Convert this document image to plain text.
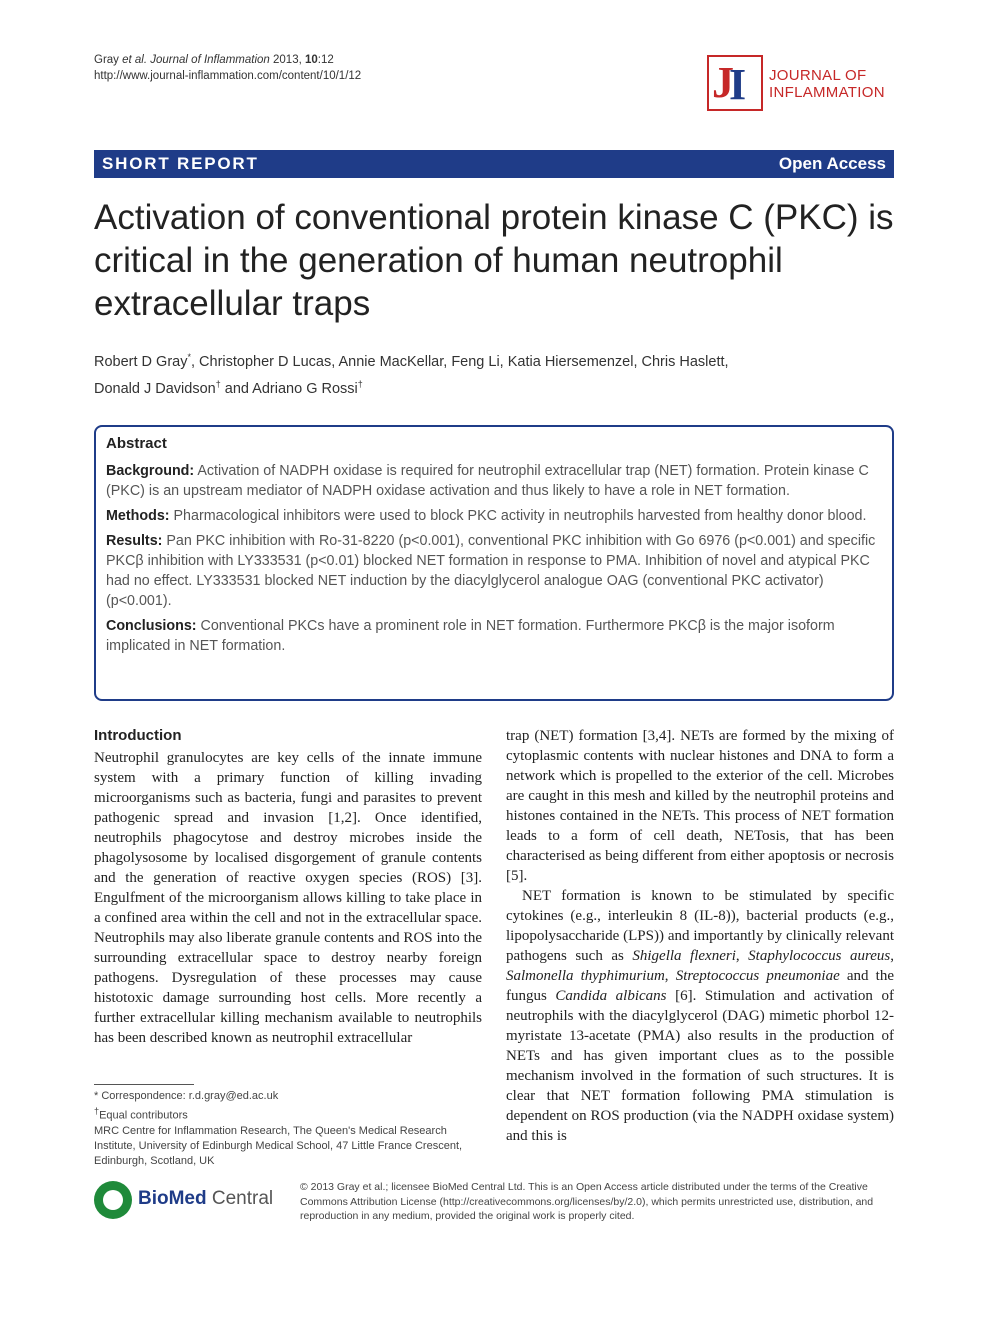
Gray et al. Journal of Inflammation 2013, 10:12
http://www.journal-inflammation.com/content/10/1/12	J
I JOURNAL OF
INFLAMMATION
SHORT REPORT	Open Access
Activation of conventional protein kinase C (PKC) is critical in the generation of human neutrophil extracellular traps
Robert D Gray*, Christopher D Lucas, Annie MacKellar, Feng Li, Katia Hiersemenzel, Chris Haslett,
Donald J Davidson† and Adriano G Rossi†
Abstract

Background: Activation of NADPH oxidase is required for neutrophil extracellular trap (NET) formation. Protein kinase C (PKC) is an upstream mediator of NADPH oxidase activation and thus likely to have a role in NET formation.

Methods: Pharmacological inhibitors were used to block PKC activity in neutrophils harvested from healthy donor blood.

Results: Pan PKC inhibition with Ro-31-8220 (p<0.001), conventional PKC inhibition with Go 6976 (p<0.001) and specific PKCβ inhibition with LY333531 (p<0.01) blocked NET formation in response to PMA. Inhibition of novel and atypical PKC had no effect. LY333531 blocked NET induction by the diacylglycerol analogue OAG (conventional PKC activator) (p<0.001).

Conclusions: Conventional PKCs have a prominent role in NET formation. Furthermore PKCβ is the major isoform implicated in NET formation.

Introduction

Neutrophil granulocytes are key cells of the innate immune system with a primary function of killing invading microorganisms such as bacteria, fungi and parasites to prevent pathogenic spread and invasion [1,2]. Once identified, neutrophils phagocytose and destroy microbes inside the phagolysosome by localised disgorgement of granule contents and the generation of reactive oxygen species (ROS) [3]. Engulfment of the microorganism allows killing to take place in a confined area within the cell and not in the extracellular space. Neutrophils may also liberate granule contents and ROS into the surrounding extracellular space to destroy nearby foreign pathogens. Dysregulation of these processes may cause histotoxic damage surrounding host cells. More recently a further extracellular killing mechanism available to neutrophils has been described known as neutrophil extracellular

trap (NET) formation [3,4]. NETs are formed by the mixing of cytoplasmic contents with nuclear histones and DNA to form a network which is propelled to the exterior of the cell. Microbes are caught in this mesh and killed by the neutrophil proteins and histones contained in the NETs. This process of NET formation leads to a form of cell death, NETosis, that has been characterised as being different from either apoptosis or necrosis [5].

NET formation is known to be stimulated by specific cytokines (e.g., interleukin 8 (IL-8)), bacterial products (e.g., lipopolysaccharide (LPS)) and importantly by clinically relevant pathogens such as Shigella flexneri, Staphylococcus aureus, Salmonella thyphimurium, Streptococcus pneumoniae and the fungus Candida albicans [6]. Stimulation and activation of neutrophils with the diacylglycerol (DAG) mimetic phorbol 12-myristate 13-acetate (PMA) also results in the production of NETs and has given important clues as to the possible mechanism involved in the formation of such structures. It is clear that NET formation following PMA stimulation is dependent on ROS production (via the NADPH oxidase system) and this is

* Correspondence: r.d.gray@ed.ac.uk

†Equal contributors

MRC Centre for Inflammation Research, The Queen's Medical Research Institute, University of Edinburgh Medical School, 47 Little France Crescent, Edinburgh, Scotland, UK

BioMed Central
© 2013 Gray et al.; licensee BioMed Central Ltd. This is an Open Access article distributed under the terms of the Creative Commons Attribution License (http://creativecommons.org/licenses/by/2.0), which permits unrestricted use, distribution, and reproduction in any medium, provided the original work is properly cited.
